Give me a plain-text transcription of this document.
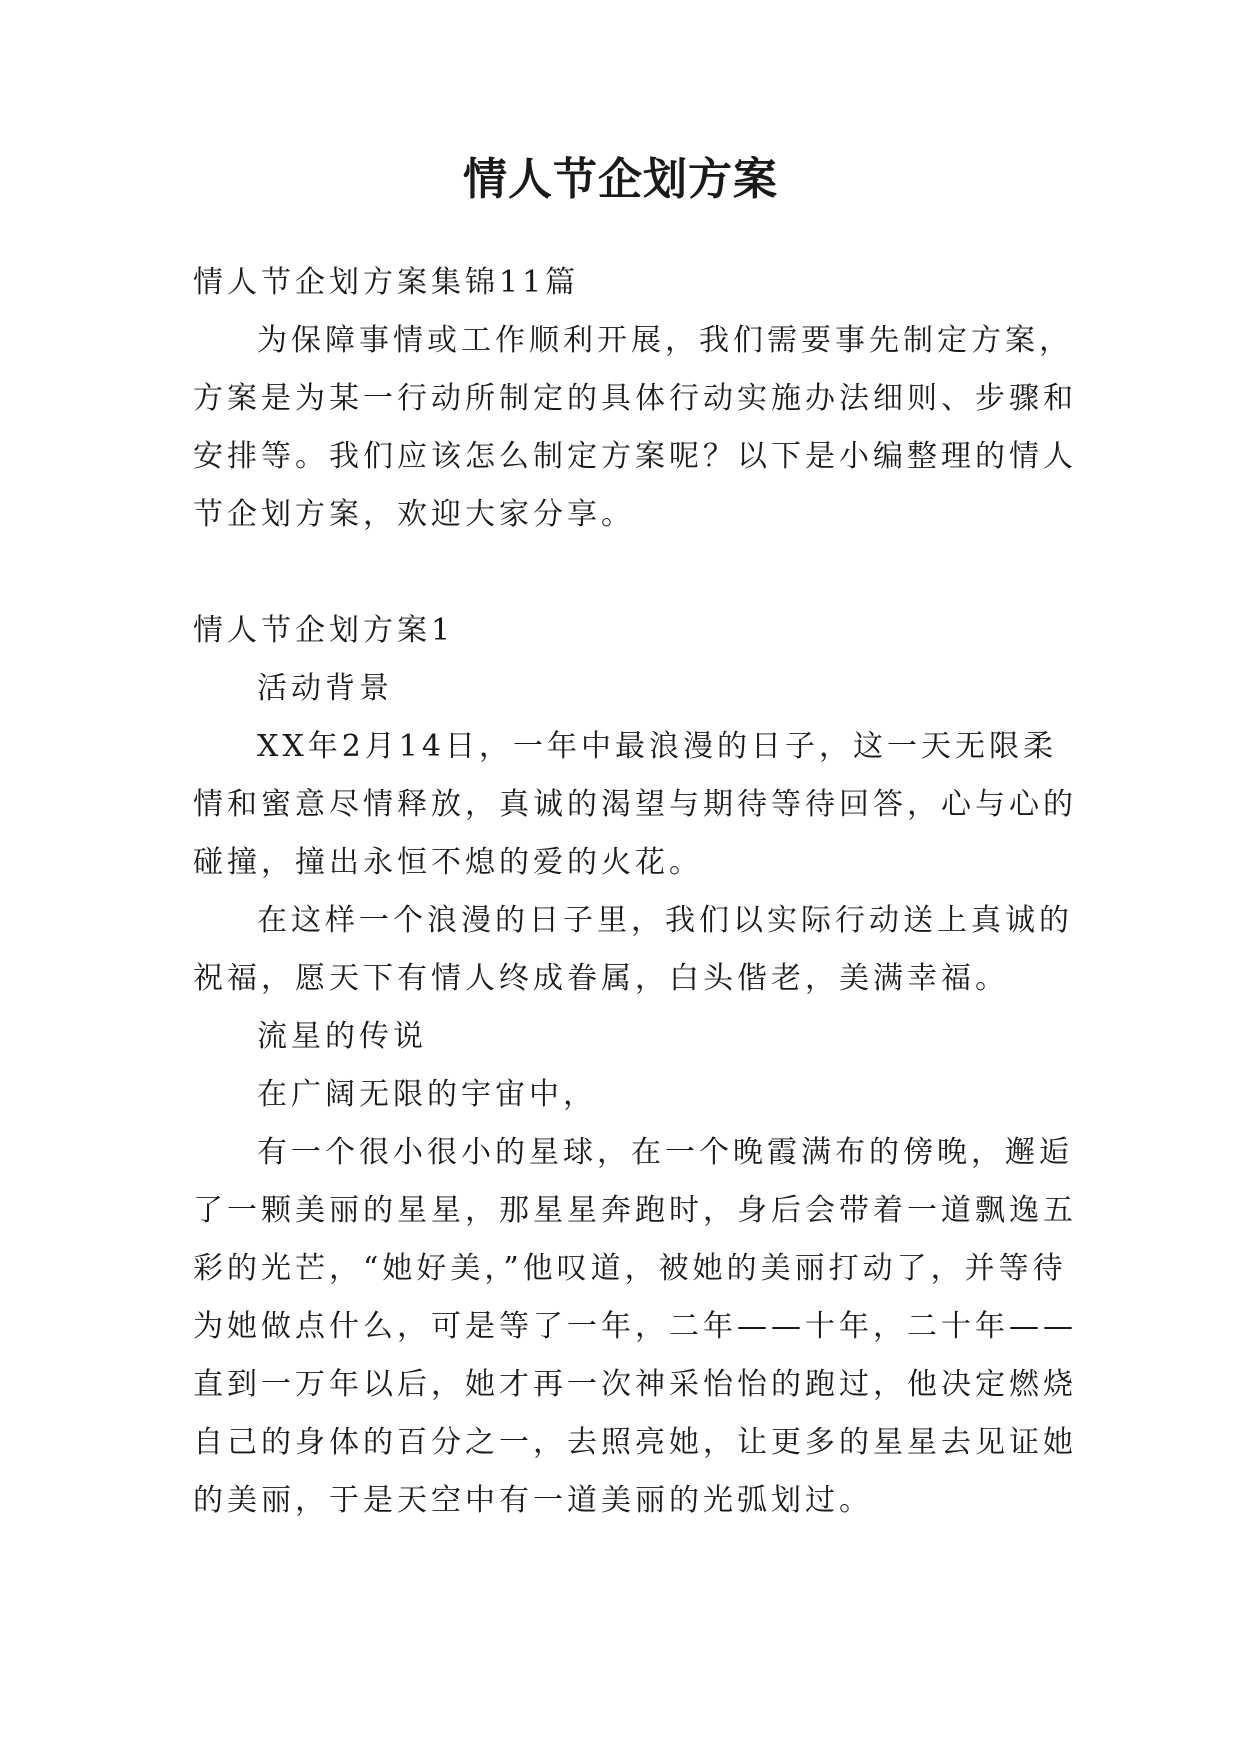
情人节企划方案
情人节企划方案集锦11篇
为保障事情或工作顺利开展，我们需要事先制定方案，
方案是为某一行动所制定的具体行动实施办法细则、步骤和
安排等。我们应该怎么制定方案呢？以下是小编整理的情人
节企划方案，欢迎大家分享。
情人节企划方案1
活动背景
XX年2月14日，一年中最浪漫的日子，这一天无限柔
情和蜜意尽情释放，真诚的渴望与期待等待回答，心与心的
碰撞，撞出永恒不熄的爱的火花。
在这样一个浪漫的日子里，我们以实际行动送上真诚的
祝福，愿天下有情人终成眷属，白头偕老，美满幸福。
流星的传说
在广阔无限的宇宙中，
有一个很小很小的星球，在一个晚霞满布的傍晚，邂逅
了一颗美丽的星星，那星星奔跑时，身后会带着一道飘逸五
彩的光芒，“她好美，”他叹道，被她的美丽打动了，并等待
为她做点什么，可是等了一年，二年——十年，二十年——
直到一万年以后，她才再一次神采怡怡的跑过，他决定燃烧
自己的身体的百分之一，去照亮她，让更多的星星去见证她
的美丽，于是天空中有一道美丽的光弧划过。
